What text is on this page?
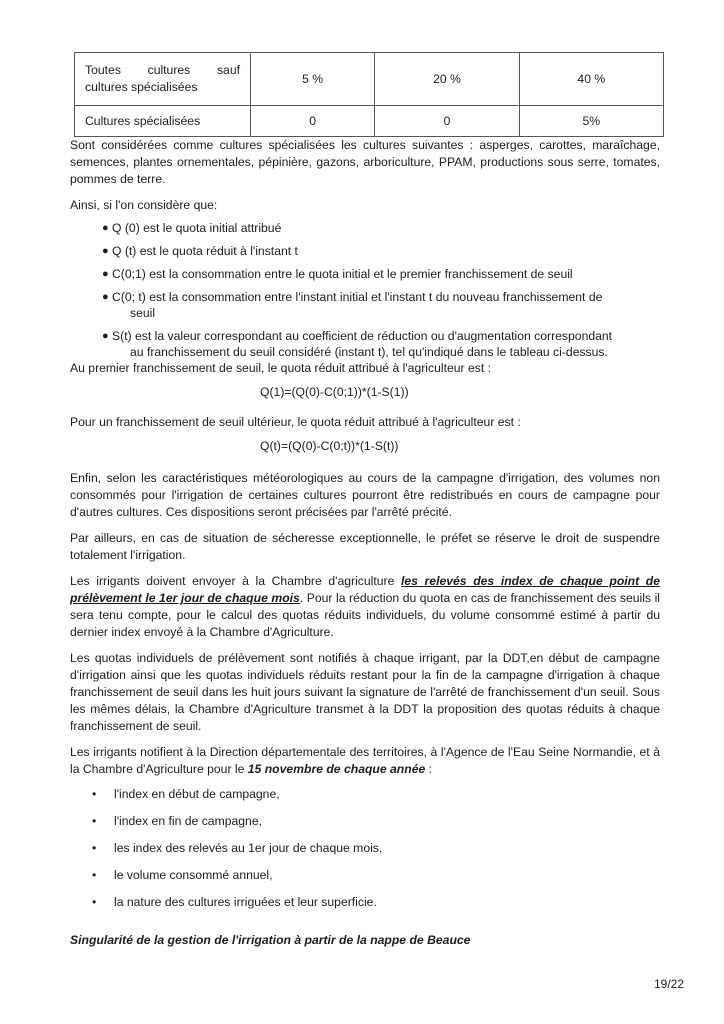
Toutes cultures sauf
cultures spécialisées	5 %	20 %	40 %
Cultures spécialisées	0	0	5%

Sont considérées comme cultures spécialisées les cultures suivantes : asperges, carottes, maraîchage, semences, plantes ornementales, pépinière, gazons, arboriculture, PPAM, productions sous serre, tomates, pommes de terre.

Ainsi, si l'on considère que:

● Q (0) est le quota initial attribué
● Q (t) est le quota réduit à l'instant t
● C(0;1) est la consommation entre le quota initial et le premier franchissement de seuil
● C(0; t) est la consommation entre l'instant initial et l'instant t du nouveau franchissement de
seuil
● S(t) est la valeur correspondant au coefficient de réduction ou d'augmentation correspondant
au franchissement du seuil considéré (instant t), tel qu'indiqué dans le tableau ci-dessus.

Au premier franchissement de seuil, le quota réduit attribué à l'agriculteur est :

Q(1)=(Q(0)-C(0;1))*(1-S(1))

Pour un franchissement de seuil ultérieur, le quota réduit attribué à l'agriculteur est :

Q(t)=(Q(0)-C(0;t))*(1-S(t))

Enfin, selon les caractéristiques météorologiques au cours de la campagne d'irrigation, des volumes non consommés pour l'irrigation de certaines cultures pourront être redistribués en cours de campagne pour d'autres cultures. Ces dispositions seront précisées par l'arrêté précité.

Par ailleurs, en cas de situation de sécheresse exceptionnelle, le préfet se réserve le droit de suspendre totalement l'irrigation.

Les irrigants doivent envoyer à la Chambre d'agriculture les relevés des index de chaque point de prélèvement le 1er jour de chaque mois. Pour la réduction du quota en cas de franchissement des seuils il sera tenu compte, pour le calcul des quotas réduits individuels, du volume consommé estimé à partir du dernier index envoyé à la Chambre d'Agriculture.

Les quotas individuels de prélèvement sont notifiés à chaque irrigant, par la DDT,en début de campagne d'irrigation ainsi que les quotas individuels réduits restant pour la fin de la campagne d'irrigation à chaque franchissement de seuil dans les huit jours suivant la signature de l'arrêté de franchissement d'un seuil. Sous les mêmes délais, la Chambre d'Agriculture transmet à la DDT la proposition des quotas réduits à chaque franchissement de seuil.

Les irrigants notifient à la Direction départementale des territoires, à l'Agence de l'Eau Seine Normandie, et à la Chambre d'Agriculture pour le 15 novembre de chaque année :

• l'index en début de campagne,
• l'index en fin de campagne,
• les index des relevés au 1er jour de chaque mois,
• le volume consommé annuel,
• la nature des cultures irriguées et leur superficie.

Singularité de la gestion de l'irrigation à partir de la nappe de Beauce

19/22
